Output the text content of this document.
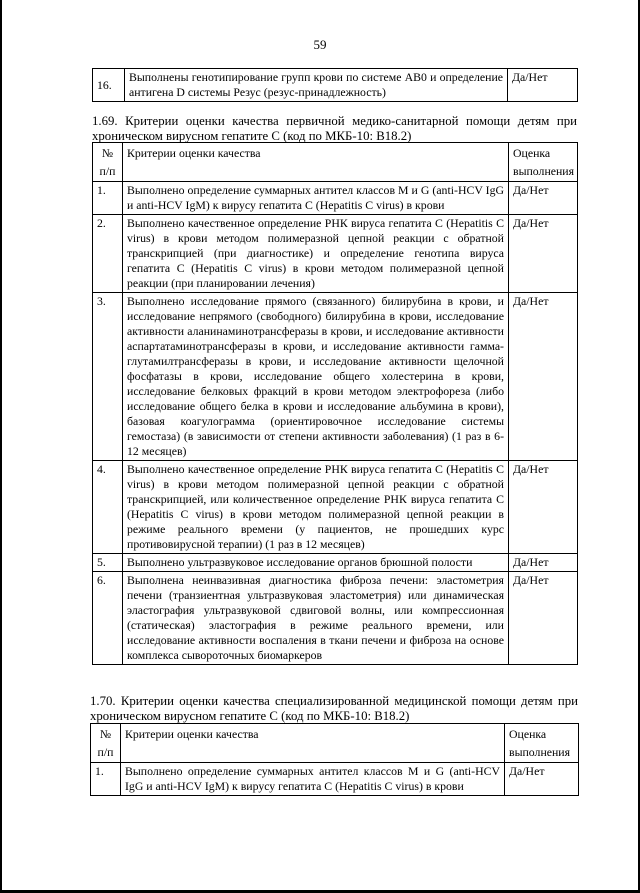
59
16.	Выполнены генотипирование групп крови по системе АВ0 и определение антигена D системы Резус (резус-принадлежность)	Да/Нет

1.69. Критерии оценки качества первичной медико-санитарной помощи детям при хроническом вирусном гепатите С (код по МКБ-10: В18.2)

№ п/п	Критерии оценки качества	Оценка выполнения
1.	Выполнено определение суммарных антител классов M и G (anti-HCV IgG и anti-HCV IgM) к вирусу гепатита С (Hepatitis С virus) в крови	Да/Нет
2.	Выполнено качественное определение РНК вируса гепатита С (Hepatitis С virus) в крови методом полимеразной цепной реакции с обратной транскрипцией (при диагностике) и определение генотипа вируса гепатита С (Hepatitis С virus) в крови методом полимеразной цепной реакции (при планировании лечения)	Да/Нет
3.	Выполнено исследование прямого (связанного) билирубина в крови, и исследование непрямого (свободного) билирубина в крови, исследование активности аланинаминотрансферазы в крови, и исследование активности аспартатаминотрансферазы в крови, и исследование активности гамма-глутамилтрансферазы в крови, и исследование активности щелочной фосфатазы в крови, исследование общего холестерина в крови, исследование белковых фракций в крови методом электрофореза (либо исследование общего белка в крови и исследование альбумина в крови), базовая коагулограмма (ориентировочное исследование системы гемостаза) (в зависимости от степени активности заболевания) (1 раз в 6-12 месяцев)	Да/Нет
4.	Выполнено качественное определение РНК вируса гепатита С (Hepatitis С virus) в крови методом полимеразной цепной реакции с обратной транскрипцией, или количественное определение РНК вируса гепатита С (Hepatitis С virus) в крови методом полимеразной цепной реакции в режиме реального времени (у пациентов, не прошедших курс противовирусной терапии) (1 раз в 12 месяцев)	Да/Нет
5.	Выполнено ультразвуковое исследование органов брюшной полости	Да/Нет
6.	Выполнена неинвазивная диагностика фиброза печени: эластометрия печени (транзиентная ультразвуковая эластометрия) или динамическая эластография ультразвуковой сдвиговой волны, или компрессионная (статическая) эластография в режиме реального времени, или исследование активности воспаления в ткани печени и фиброза на основе комплекса сывороточных биомаркеров	Да/Нет

1.70. Критерии оценки качества специализированной медицинской помощи детям при хроническом вирусном гепатите С (код по МКБ-10: В18.2)

№ п/п	Критерии оценки качества	Оценка выполнения
1.	Выполнено определение суммарных антител классов M и G (anti-HCV IgG и anti-HCV IgM) к вирусу гепатита С (Hepatitis С virus) в крови	Да/Нет
